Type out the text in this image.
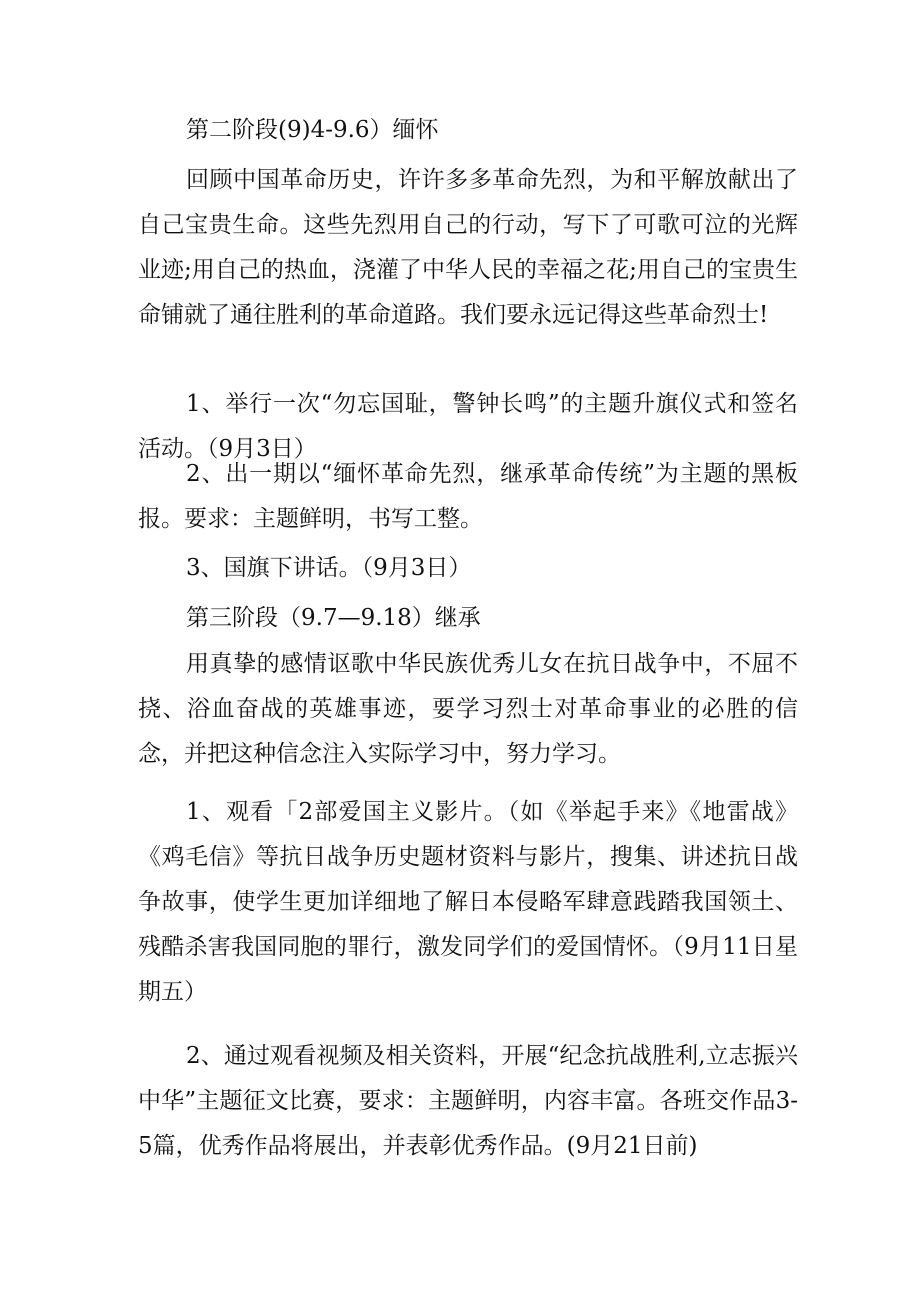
第二阶段(9)4-9.6）缅怀

回顾中国革命历史，许许多多革命先烈，为和平解放献出了自己宝贵生命。这些先烈用自己的行动，写下了可歌可泣的光辉业迹;用自己的热血，浇灌了中华人民的幸福之花;用自己的宝贵生命铺就了通往胜利的革命道路。我们要永远记得这些革命烈士!

1、举行一次“勿忘国耻，警钟长鸣”的主题升旗仪式和签名活动。（9月3日）

2、出一期以“缅怀革命先烈，继承革命传统”为主题的黑板报。要求：主题鲜明，书写工整。

3、国旗下讲话。（9月3日）

第三阶段（9.7—9.18）继承

用真挚的感情讴歌中华民族优秀儿女在抗日战争中，不屈不挠、浴血奋战的英雄事迹，要学习烈士对革命事业的必胜的信念，并把这种信念注入实际学习中，努力学习。

1、观看「2部爱国主义影片。（如《举起手来》《地雷战》《鸡毛信》等抗日战争历史题材资料与影片，搜集、讲述抗日战争故事，使学生更加详细地了解日本侵略军肆意践踏我国领土、残酷杀害我国同胞的罪行，激发同学们的爱国情怀。（9月11日星期五）

2、通过观看视频及相关资料，开展“纪念抗战胜利,立志振兴中华”主题征文比赛，要求：主题鲜明，内容丰富。各班交作品3-5篇，优秀作品将展出，并表彰优秀作品。(9月21日前)
